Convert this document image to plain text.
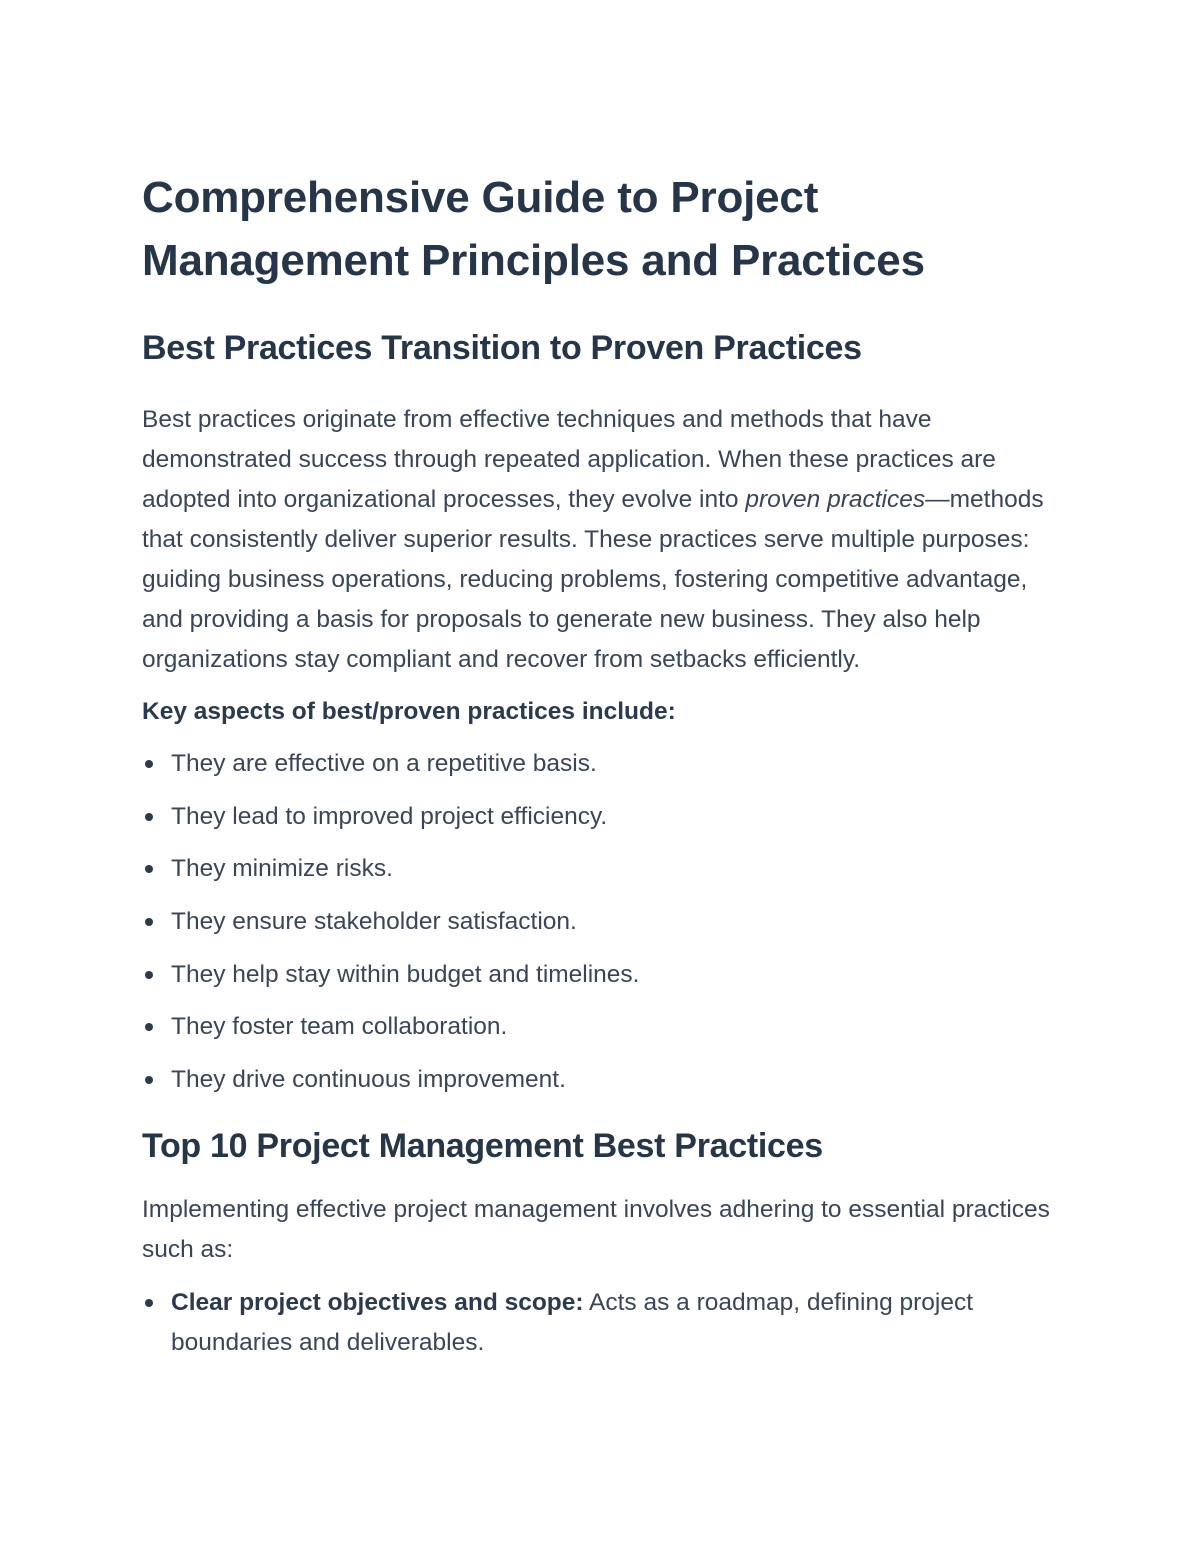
Comprehensive Guide to Project Management Principles and Practices
Best Practices Transition to Proven Practices

Best practices originate from effective techniques and methods that have demonstrated success through repeated application. When these practices are adopted into organizational processes, they evolve into proven practices—methods that consistently deliver superior results. These practices serve multiple purposes: guiding business operations, reducing problems, fostering competitive advantage, and providing a basis for proposals to generate new business. They also help organizations stay compliant and recover from setbacks efficiently.

Key aspects of best/proven practices include:
They are effective on a repetitive basis.
They lead to improved project efficiency.
They minimize risks.
They ensure stakeholder satisfaction.
They help stay within budget and timelines.
They foster team collaboration.
They drive continuous improvement.
Top 10 Project Management Best Practices

Implementing effective project management involves adhering to essential practices such as:

Clear project objectives and scope: Acts as a roadmap, defining project boundaries and deliverables.
